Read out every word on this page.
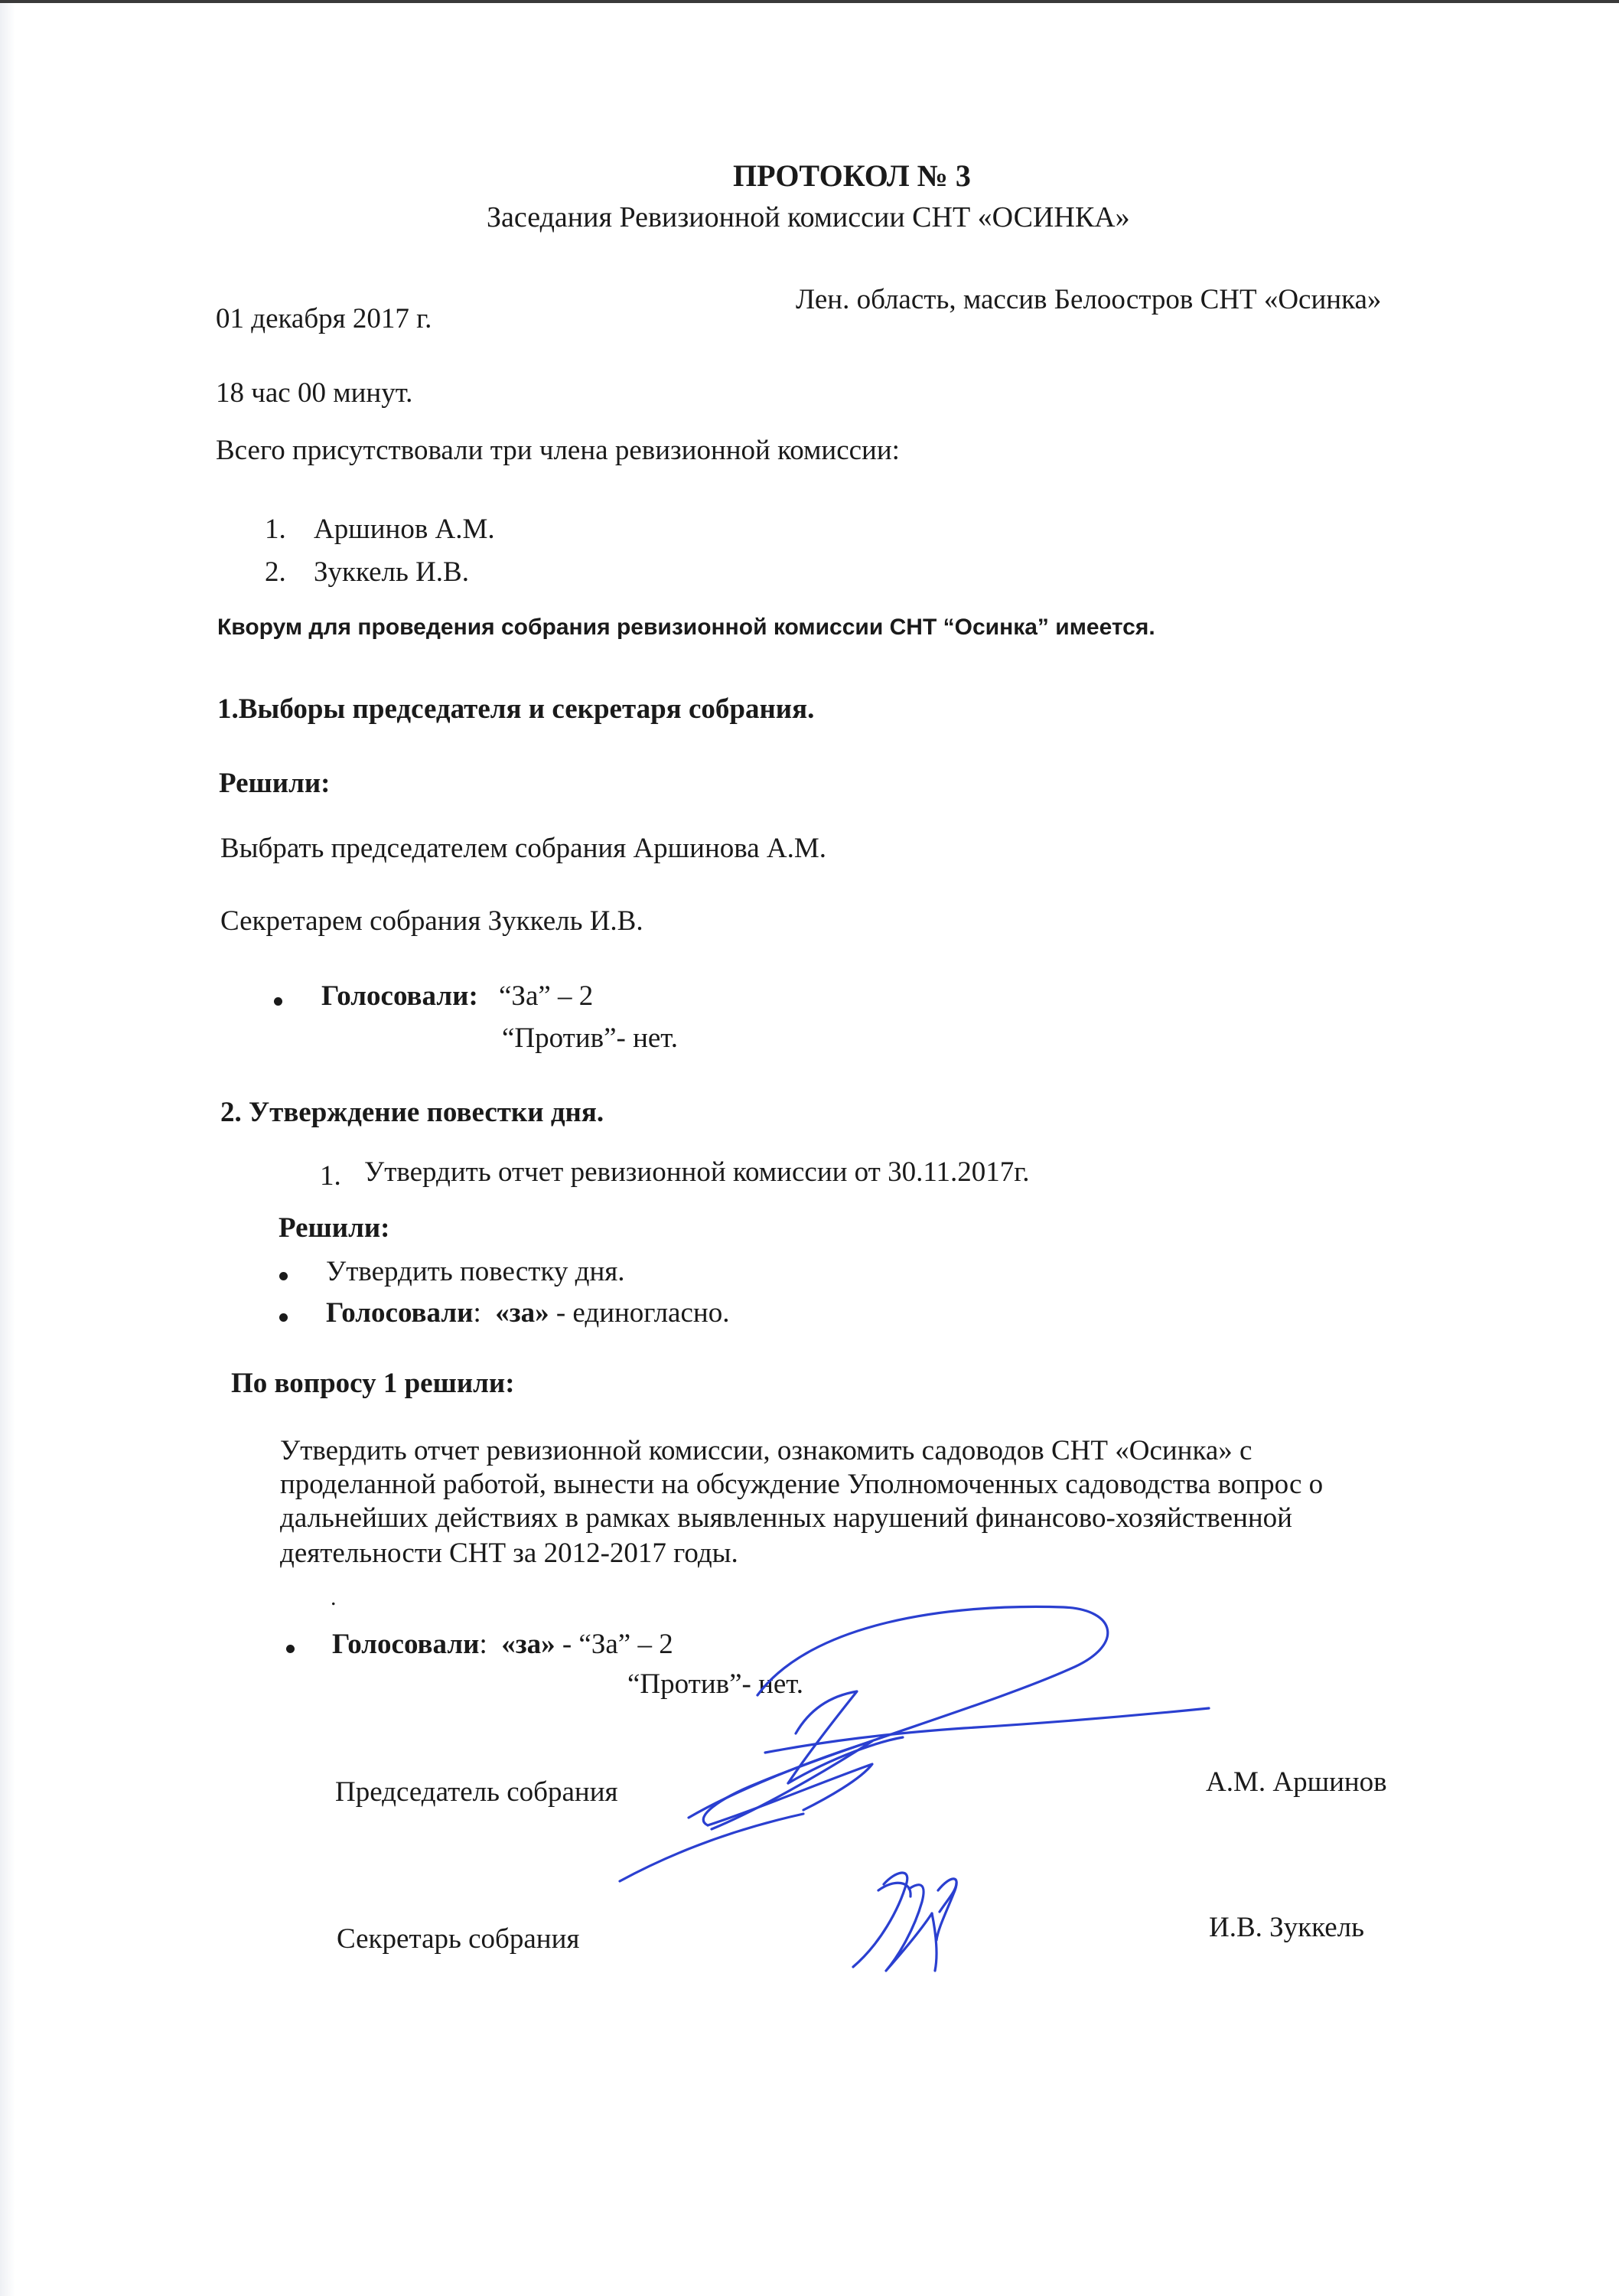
ПРОТОКОЛ № 3
Заседания Ревизионной комиссии СНТ «ОСИНКА»
01 декабря 2017 г.
Лен. область, массив Белоостров СНТ «Осинка»
18 час 00 минут.
Всего присутствовали три члена ревизионной комиссии:
1. Аршинов А.М.
2. Зуккель И.В.
Кворум для проведения собрания ревизионной комиссии СНТ “Осинка” имеется.
1.Выборы председателя и секретаря собрания.
Решили:
Выбрать председателем собрания Аршинова А.М.
Секретарем собрания Зуккель И.В.
Голосовали: “За” – 2
“Против”- нет.
2. Утверждение повестки дня.
1. Утвердить отчет ревизионной комиссии от 30.11.2017г.
Решили:
Утвердить повестку дня.
Голосовали: «за» - единогласно.
По вопросу 1 решили:
Утвердить отчет ревизионной комиссии, ознакомить садоводов СНТ «Осинка» с
проделанной работой, вынести на обсуждение Уполномоченных садоводства вопрос о
дальнейших действиях в рамках выявленных нарушений финансово-хозяйственной
деятельности СНТ за 2012-2017 годы.
.
Голосовали: «за» - “За” – 2
“Против”- нет.
Председатель собрания	А.М. Аршинов
Секретарь собрания	И.В. Зуккель
